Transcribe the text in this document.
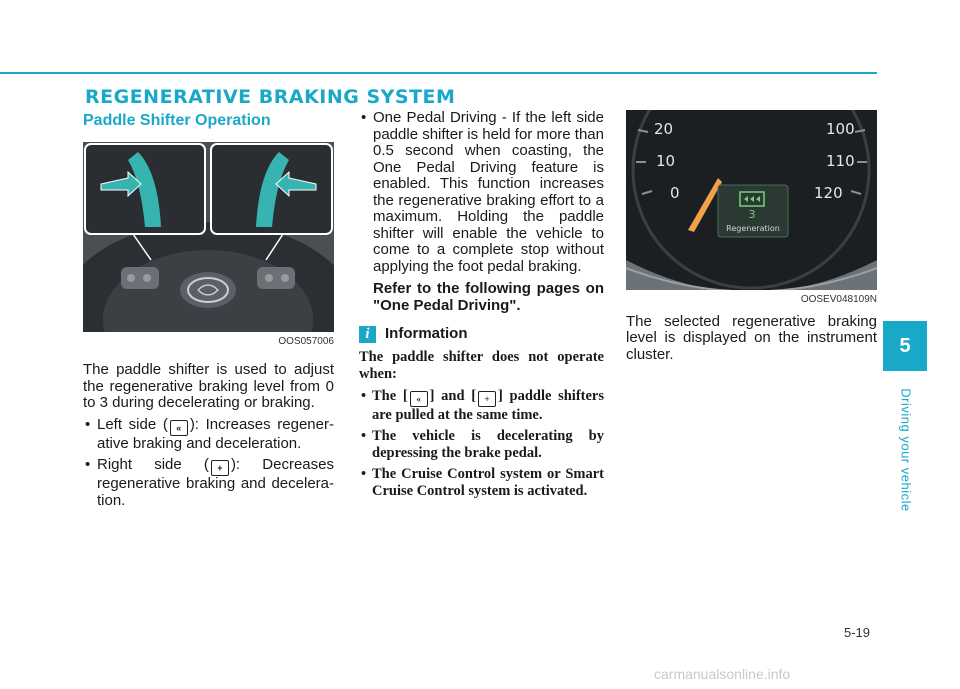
REGENERATIVE BRAKING SYSTEM
Paddle Shifter Operation
OOS057006

The paddle shifter is used to adjust the regenerative braking level from 0 to 3 during decelerating or braking.

• Left side ( « ): Increases regener-ative braking and deceleration.
• Right side ( + ): Decreases regenerative braking and decelera-tion.
• One Pedal Driving - If the left side paddle shifter is held for more than 0.5 second when coasting, the One Pedal Driving feature is enabled. This function increases the regenerative braking effort to a maximum. Holding the paddle shifter will enable the vehicle to come to a complete stop without applying the foot pedal braking.

Refer to the following pages on "One Pedal Driving".

i	Information

The paddle shifter does not operate when:

• The [ « ] and [ + ] paddle shifters are pulled at the same time.
• The vehicle is decelerating by depressing the brake pedal.
• The Cruise Control system or Smart Cruise Control system is activated.
20
10
0
100
110
120
3
Regeneration
OOSEV048109N

The selected regenerative braking level is displayed on the instrument cluster.	5
Driving your vehicle
5-19
carmanualsonline.info
